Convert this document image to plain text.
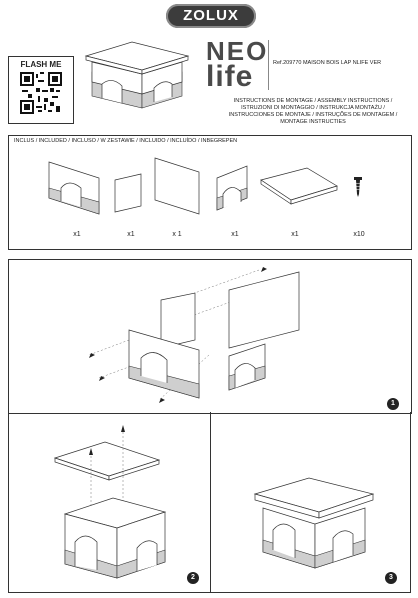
ZOLUX
FLASH ME	NEO
life	Ref.209770 MAISON BOIS LAP NLIFE VER
INSTRUCTIONS DE MONTAGE / ASSEMBLY INSTRUCTIONS /
ISTRUZIONI DI MONTAGGIO / INSTRUKCJA MONTAŻU /
INSTRUCCIONES DE MONTAJE / INSTRUÇÕES DE MONTAGEM /
MONTAGE INSTRUCTIES
INCLUS / INCLUDED / INCLUSO / W ZESTAWIE / INCLUIDO / INCLUÍDO / INBEGREPEN
x1	x1	x 1	x1	x1	x10
1
2	3
